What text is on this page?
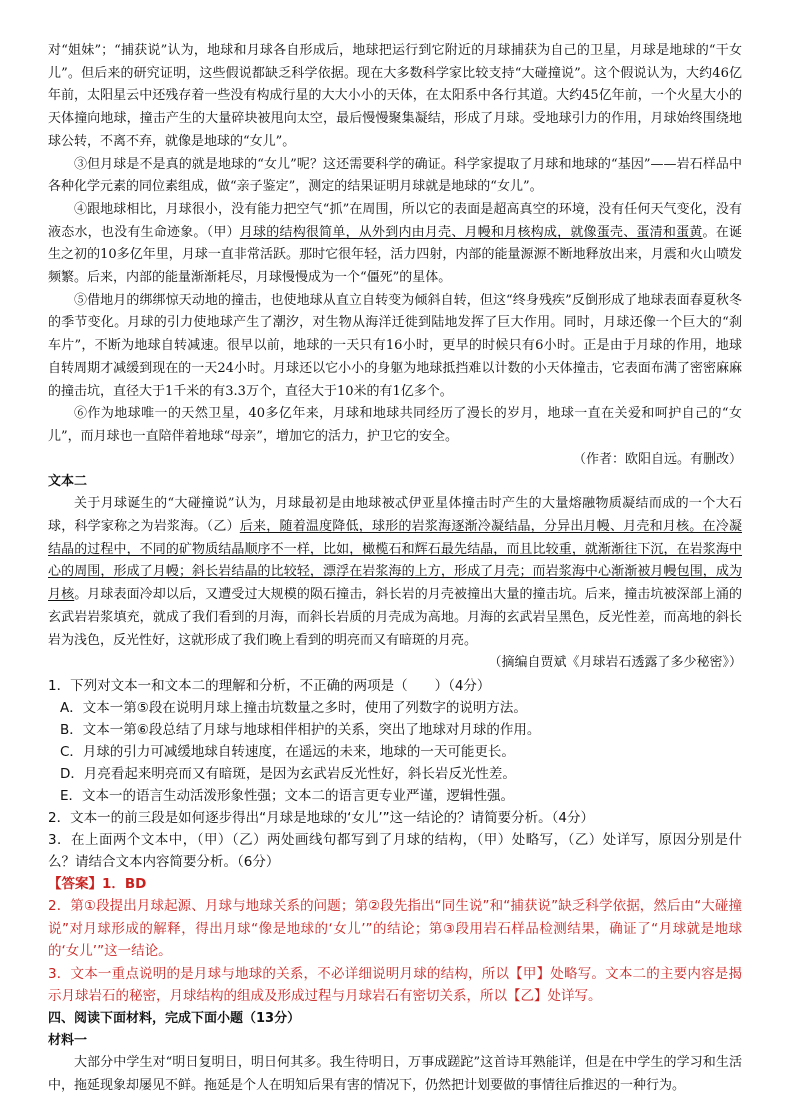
对“姐妹”；“捕获说”认为，地球和月球各自形成后，地球把运行到它附近的月球捕获为自己的卫星，月球是地球的“干女儿”。但后来的研究证明，这些假说都缺乏科学依据。现在大多数科学家比较支持“大碰撞说”。这个假说认为，大约46亿年前，太阳星云中还残存着一些没有构成行星的大大小小的天体，在太阳系中各行其道。大约45亿年前，一个火星大小的天体撞向地球，撞击产生的大量碎块被甩向太空，最后慢慢聚集凝结，形成了月球。受地球引力的作用，月球始终围绕地球公转，不离不弃，就像是地球的“女儿”。

③但月球是不是真的就是地球的“女儿”呢？这还需要科学的确证。科学家提取了月球和地球的“基因”——岩石样品中各种化学元素的同位素组成，做“亲子鉴定”，测定的结果证明月球就是地球的“女儿”。

④跟地球相比，月球很小，没有能力把空气“抓”在周围，所以它的表面是超高真空的环境，没有任何天气变化，没有液态水，也没有生命迹象。（甲）月球的结构很简单，从外到内由月壳、月幔和月核构成，就像蛋壳、蛋清和蛋黄。在诞生之初的10多亿年里，月球一直非常活跃。那时它很年轻，活力四射，内部的能量源源不断地释放出来，月震和火山喷发频繁。后来，内部的能量渐渐耗尽，月球慢慢成为一个“僵死”的星体。

⑤借地月的绑绑惊天动地的撞击，也使地球从直立自转变为倾斜自转，但这“终身残疾”反倒形成了地球表面春夏秋冬的季节变化。月球的引力使地球产生了潮汐，对生物从海洋迁徙到陆地发挥了巨大作用。同时，月球还像一个巨大的“刹车片”，不断为地球自转减速。很早以前，地球的一天只有16小时，更早的时候只有6小时。正是由于月球的作用，地球自转周期才减缓到现在的一天24小时。月球还以它小小的身躯为地球抵挡难以计数的小天体撞击，它表面布满了密密麻麻的撞击坑，直径大于1千米的有3.3万个，直径大于10米的有1亿多个。

⑥作为地球唯一的天然卫星，40多亿年来，月球和地球共同经历了漫长的岁月，地球一直在关爱和呵护自己的“女儿”，而月球也一直陪伴着地球“母亲”，增加它的活力，护卫它的安全。

（作者：欧阳自远。有删改）

文本二

关于月球诞生的“大碰撞说”认为，月球最初是由地球被忒伊亚星体撞击时产生的大量熔融物质凝结而成的一个大石球，科学家称之为岩浆海。（乙）后来，随着温度降低，球形的岩浆海逐渐冷凝结晶，分异出月幔、月壳和月核。在冷凝结晶的过程中，不同的矿物质结晶顺序不一样，比如，橄榄石和辉石最先结晶，而且比较重，就渐渐往下沉，在岩浆海中心的周围，形成了月幔；斜长岩结晶的比较轻，漂浮在岩浆海的上方，形成了月壳；而岩浆海中心渐渐被月幔包围，成为月核。月球表面冷却以后，又遭受过大规模的陨石撞击，斜长岩的月壳被撞出大量的撞击坑。后来，撞击坑被深部上涌的玄武岩岩浆填充，就成了我们看到的月海，而斜长岩质的月壳成为高地。月海的玄武岩呈黑色，反光性差，而高地的斜长岩为浅色，反光性好，这就形成了我们晚上看到的明亮而又有暗斑的月亮。

（摘编自贾斌《月球岩石透露了多少秘密》）

1．下列对文本一和文本二的理解和分析，不正确的两项是（　　）（4分）

A．文本一第⑤段在说明月球上撞击坑数量之多时，使用了列数字的说明方法。

B．文本一第⑥段总结了月球与地球相伴相护的关系，突出了地球对月球的作用。

C．月球的引力可减缓地球自转速度，在遥远的未来，地球的一天可能更长。

D．月亮看起来明亮而又有暗斑，是因为玄武岩反光性好，斜长岩反光性差。

E．文本一的语言生动活泼形象性强；文本二的语言更专业严谨，逻辑性强。

2．文本一的前三段是如何逐步得出“月球是地球的‘女儿’”这一结论的？请简要分析。（4分）

3．在上面两个文本中，（甲）（乙）两处画线句都写到了月球的结构，（甲）处略写，（乙）处详写，原因分别是什么？请结合文本内容简要分析。（6分）

【答案】1．BD

2．第①段提出月球起源、月球与地球关系的问题；第②段先指出“同生说”和“捕获说”缺乏科学依据，然后由“大碰撞说”对月球形成的解释，得出月球“像是地球的‘女儿’”的结论；第③段用岩石样品检测结果，确证了“月球就是地球的‘女儿’”这一结论。

3．文本一重点说明的是月球与地球的关系，不必详细说明月球的结构，所以【甲】处略写。文本二的主要内容是揭示月球岩石的秘密，月球结构的组成及形成过程与月球岩石有密切关系，所以【乙】处详写。

四、阅读下面材料，完成下面小题（13分）

材料一

大部分中学生对“明日复明日，明日何其多。我生待明日，万事成蹉跎”这首诗耳熟能详，但是在中学生的学习和生活中，拖延现象却屡见不鲜。拖延是个人在明知后果有害的情况下，仍然把计划要做的事情往后推迟的一种行为。
